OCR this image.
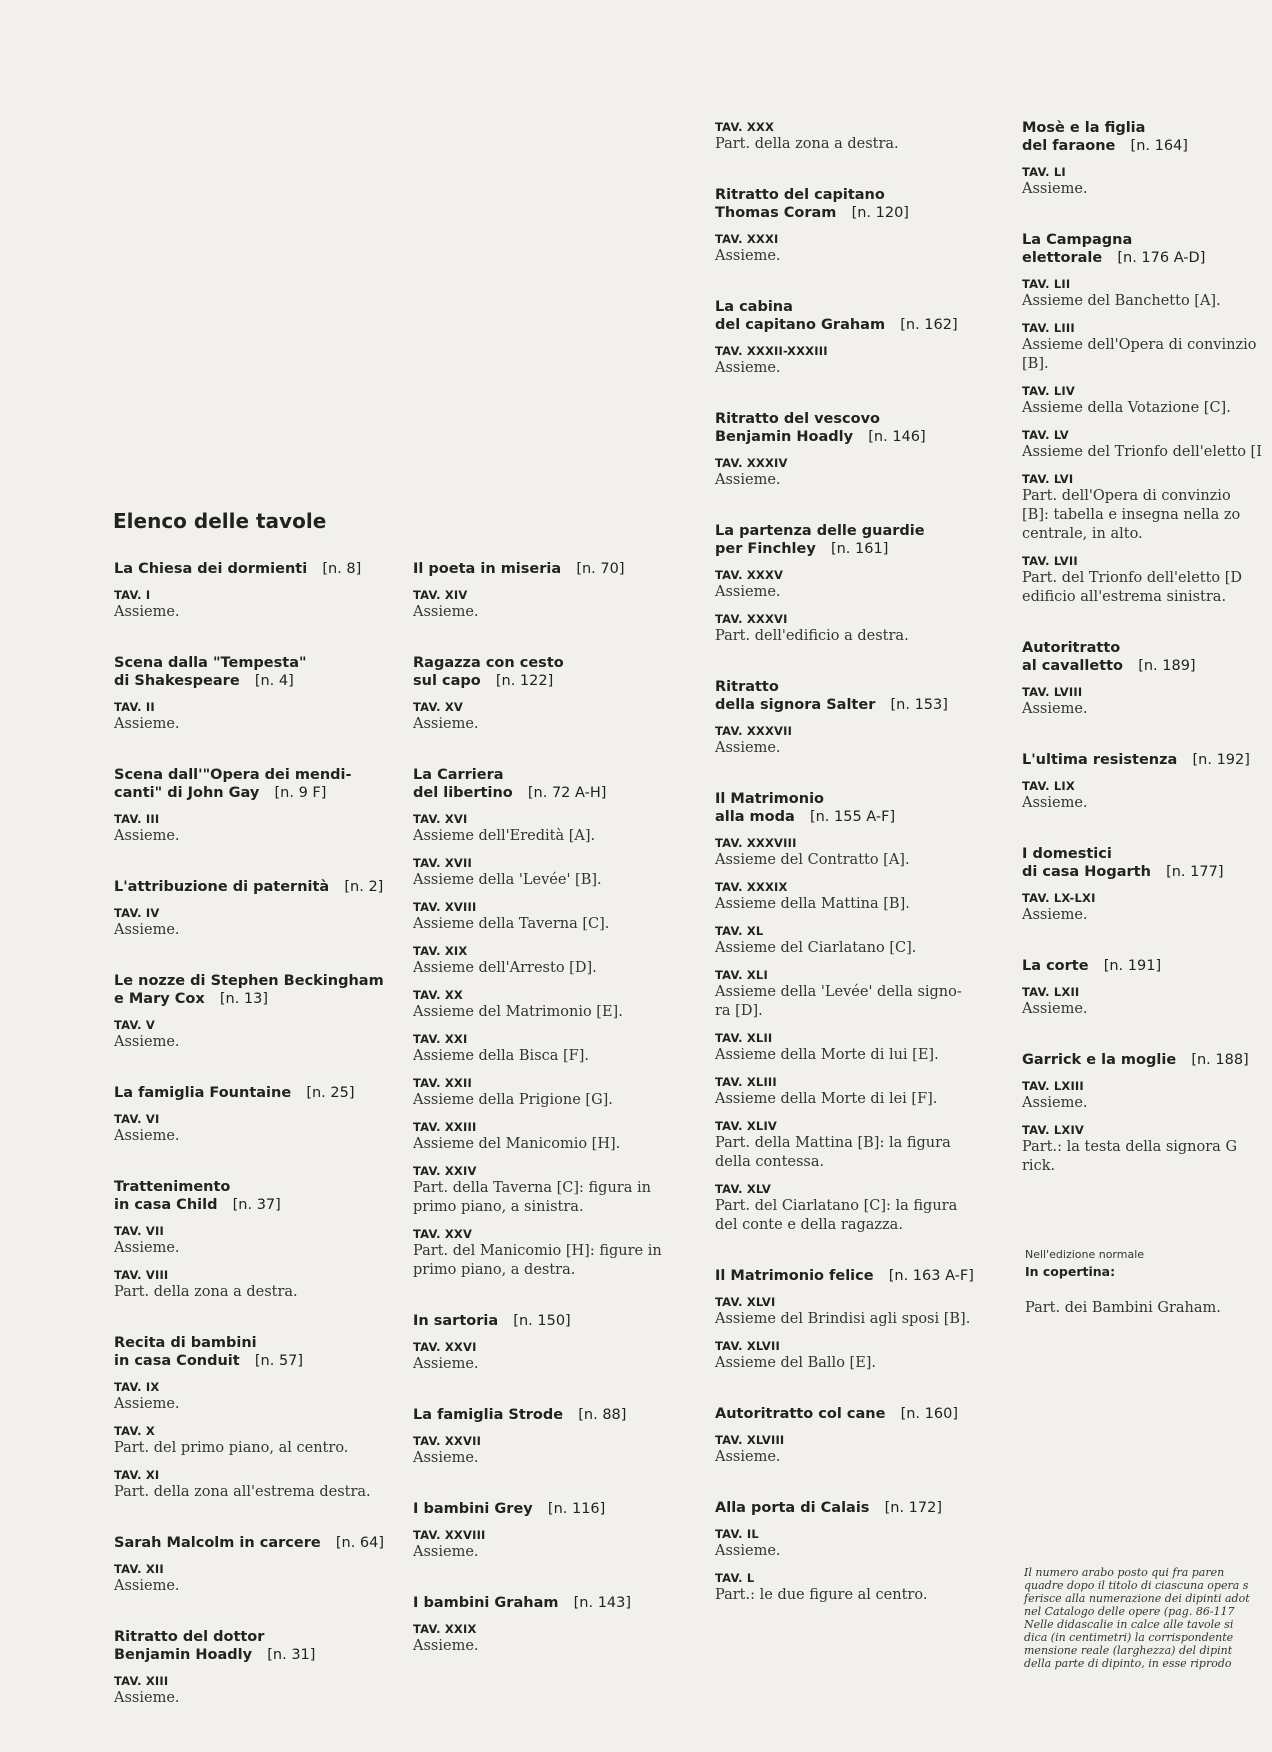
Elenco delle tavole
La Chiesa dei dormienti [n. 8]
TAV. I
Assieme.
Scena dalla "Tempesta"
di Shakespeare [n. 4]
TAV. II
Assieme.
Scena dall'"Opera dei mendi-
canti" di John Gay [n. 9 F]
TAV. III
Assieme.
L'attribuzione di paternità [n. 2]
TAV. IV
Assieme.
Le nozze di Stephen Beckingham
e Mary Cox [n. 13]
TAV. V
Assieme.
La famiglia Fountaine [n. 25]
TAV. VI
Assieme.
Trattenimento
in casa Child [n. 37]
TAV. VII
Assieme.
TAV. VIII
Part. della zona a destra.
Recita di bambini
in casa Conduit [n. 57]
TAV. IX
Assieme.
TAV. X
Part. del primo piano, al centro.
TAV. XI
Part. della zona all'estrema destra.
Sarah Malcolm in carcere [n. 64]
TAV. XII
Assieme.
Ritratto del dottor
Benjamin Hoadly [n. 31]
TAV. XIII
Assieme.
Il poeta in miseria [n. 70]
TAV. XIV
Assieme.
Ragazza con cesto
sul capo [n. 122]
TAV. XV
Assieme.
La Carriera
del libertino [n. 72 A-H]
TAV. XVI
Assieme dell'Eredità [A].
TAV. XVII
Assieme della 'Levée' [B].
TAV. XVIII
Assieme della Taverna [C].
TAV. XIX
Assieme dell'Arresto [D].
TAV. XX
Assieme del Matrimonio [E].
TAV. XXI
Assieme della Bisca [F].
TAV. XXII
Assieme della Prigione [G].
TAV. XXIII
Assieme del Manicomio [H].
TAV. XXIV
Part. della Taverna [C]: figura in
primo piano, a sinistra.
TAV. XXV
Part. del Manicomio [H]: figure in
primo piano, a destra.
In sartoria [n. 150]
TAV. XXVI
Assieme.
La famiglia Strode [n. 88]
TAV. XXVII
Assieme.
I bambini Grey [n. 116]
TAV. XXVIII
Assieme.
I bambini Graham [n. 143]
TAV. XXIX
Assieme.
TAV. XXX
Part. della zona a destra.
Ritratto del capitano
Thomas Coram [n. 120]
TAV. XXXI
Assieme.
La cabina
del capitano Graham [n. 162]
TAV. XXXII-XXXIII
Assieme.
Ritratto del vescovo
Benjamin Hoadly [n. 146]
TAV. XXXIV
Assieme.
La partenza delle guardie
per Finchley [n. 161]
TAV. XXXV
Assieme.
TAV. XXXVI
Part. dell'edificio a destra.
Ritratto
della signora Salter [n. 153]
TAV. XXXVII
Assieme.
Il Matrimonio
alla moda [n. 155 A-F]
TAV. XXXVIII
Assieme del Contratto [A].
TAV. XXXIX
Assieme della Mattina [B].
TAV. XL
Assieme del Ciarlatano [C].
TAV. XLI
Assieme della 'Levée' della signo-
ra [D].
TAV. XLII
Assieme della Morte di lui [E].
TAV. XLIII
Assieme della Morte di lei [F].
TAV. XLIV
Part. della Mattina [B]: la figura
della contessa.
TAV. XLV
Part. del Ciarlatano [C]: la figura
del conte e della ragazza.
Il Matrimonio felice [n. 163 A-F]
TAV. XLVI
Assieme del Brindisi agli sposi [B].
TAV. XLVII
Assieme del Ballo [E].
Autoritratto col cane [n. 160]
TAV. XLVIII
Assieme.
Alla porta di Calais [n. 172]
TAV. IL
Assieme.
TAV. L
Part.: le due figure al centro.
Mosè e la figlia
del faraone [n. 164]
TAV. LI
Assieme.
La Campagna
elettorale [n. 176 A-D]
TAV. LII
Assieme del Banchetto [A].
TAV. LIII
Assieme dell'Opera di convinzio
[B].
TAV. LIV
Assieme della Votazione [C].
TAV. LV
Assieme del Trionfo dell'eletto [I
TAV. LVI
Part. dell'Opera di convinzio
[B]: tabella e insegna nella zo
centrale, in alto.
TAV. LVII
Part. del Trionfo dell'eletto [D
edificio all'estrema sinistra.
Autoritratto
al cavalletto [n. 189]
TAV. LVIII
Assieme.
L'ultima resistenza [n. 192]
TAV. LIX
Assieme.
I domestici
di casa Hogarth [n. 177]
TAV. LX-LXI
Assieme.
La corte [n. 191]
TAV. LXII
Assieme.
Garrick e la moglie [n. 188]
TAV. LXIII
Assieme.
TAV. LXIV
Part.: la testa della signora G
rick.
Nell'edizione normale
In copertina:
Part. dei Bambini Graham.
Il numero arabo posto qui fra paren
quadre dopo il titolo di ciascuna opera s
ferisce alla numerazione dei dipinti adot
nel Catalogo delle opere (pag. 86-117
Nelle didascalie in calce alle tavole si
dica (in centimetri) la corrispondente
mensione reale (larghezza) del dipint
della parte di dipinto, in esse riprodo
